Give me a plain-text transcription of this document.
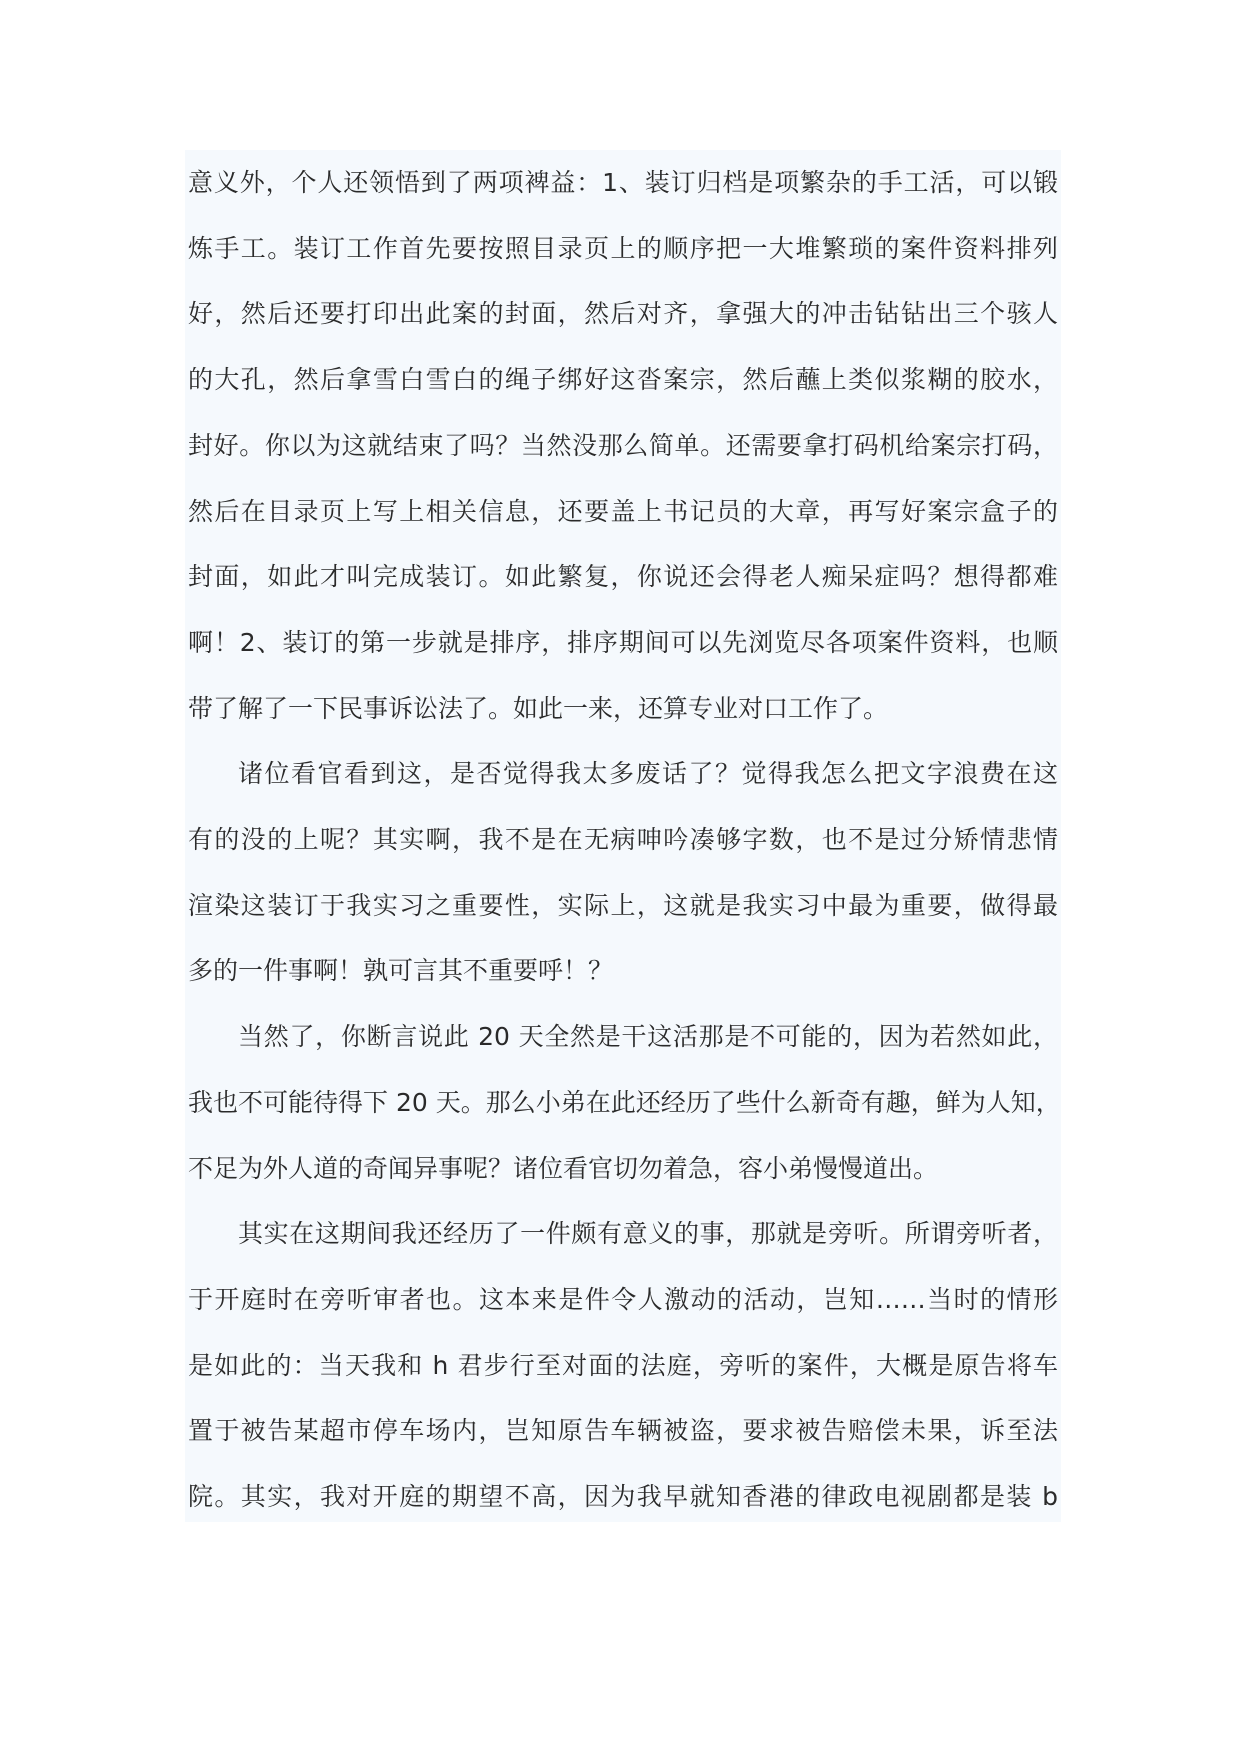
意义外，个人还领悟到了两项裨益：1、装订归档是项繁杂的手工活，可以锻
炼手工。装订工作首先要按照目录页上的顺序把一大堆繁琐的案件资料排列
好，然后还要打印出此案的封面，然后对齐，拿强大的冲击钻钻出三个骇人
的大孔，然后拿雪白雪白的绳子绑好这沓案宗，然后蘸上类似浆糊的胶水，
封好。你以为这就结束了吗？当然没那么简单。还需要拿打码机给案宗打码，
然后在目录页上写上相关信息，还要盖上书记员的大章，再写好案宗盒子的
封面，如此才叫完成装订。如此繁复，你说还会得老人痴呆症吗？想得都难
啊！2、装订的第一步就是排序，排序期间可以先浏览尽各项案件资料，也顺
带了解了一下民事诉讼法了。如此一来，还算专业对口工作了。

诸位看官看到这，是否觉得我太多废话了？觉得我怎么把文字浪费在这
有的没的上呢？其实啊，我不是在无病呻吟凑够字数，也不是过分矫情悲情
渲染这装订于我实习之重要性，实际上，这就是我实习中最为重要，做得最
多的一件事啊！孰可言其不重要呼！？

当然了，你断言说此 20 天全然是干这活那是不可能的，因为若然如此，
我也不可能待得下 20 天。那么小弟在此还经历了些什么新奇有趣，鲜为人知，
不足为外人道的奇闻异事呢？诸位看官切勿着急，容小弟慢慢道出。

其实在这期间我还经历了一件颇有意义的事，那就是旁听。所谓旁听者，
于开庭时在旁听审者也。这本来是件令人激动的活动，岂知……当时的情形
是如此的：当天我和 h 君步行至对面的法庭，旁听的案件，大概是原告将车
置于被告某超市停车场内，岂知原告车辆被盗，要求被告赔偿未果，诉至法
院。其实，我对开庭的期望不高，因为我早就知香港的律政电视剧都是装 b
